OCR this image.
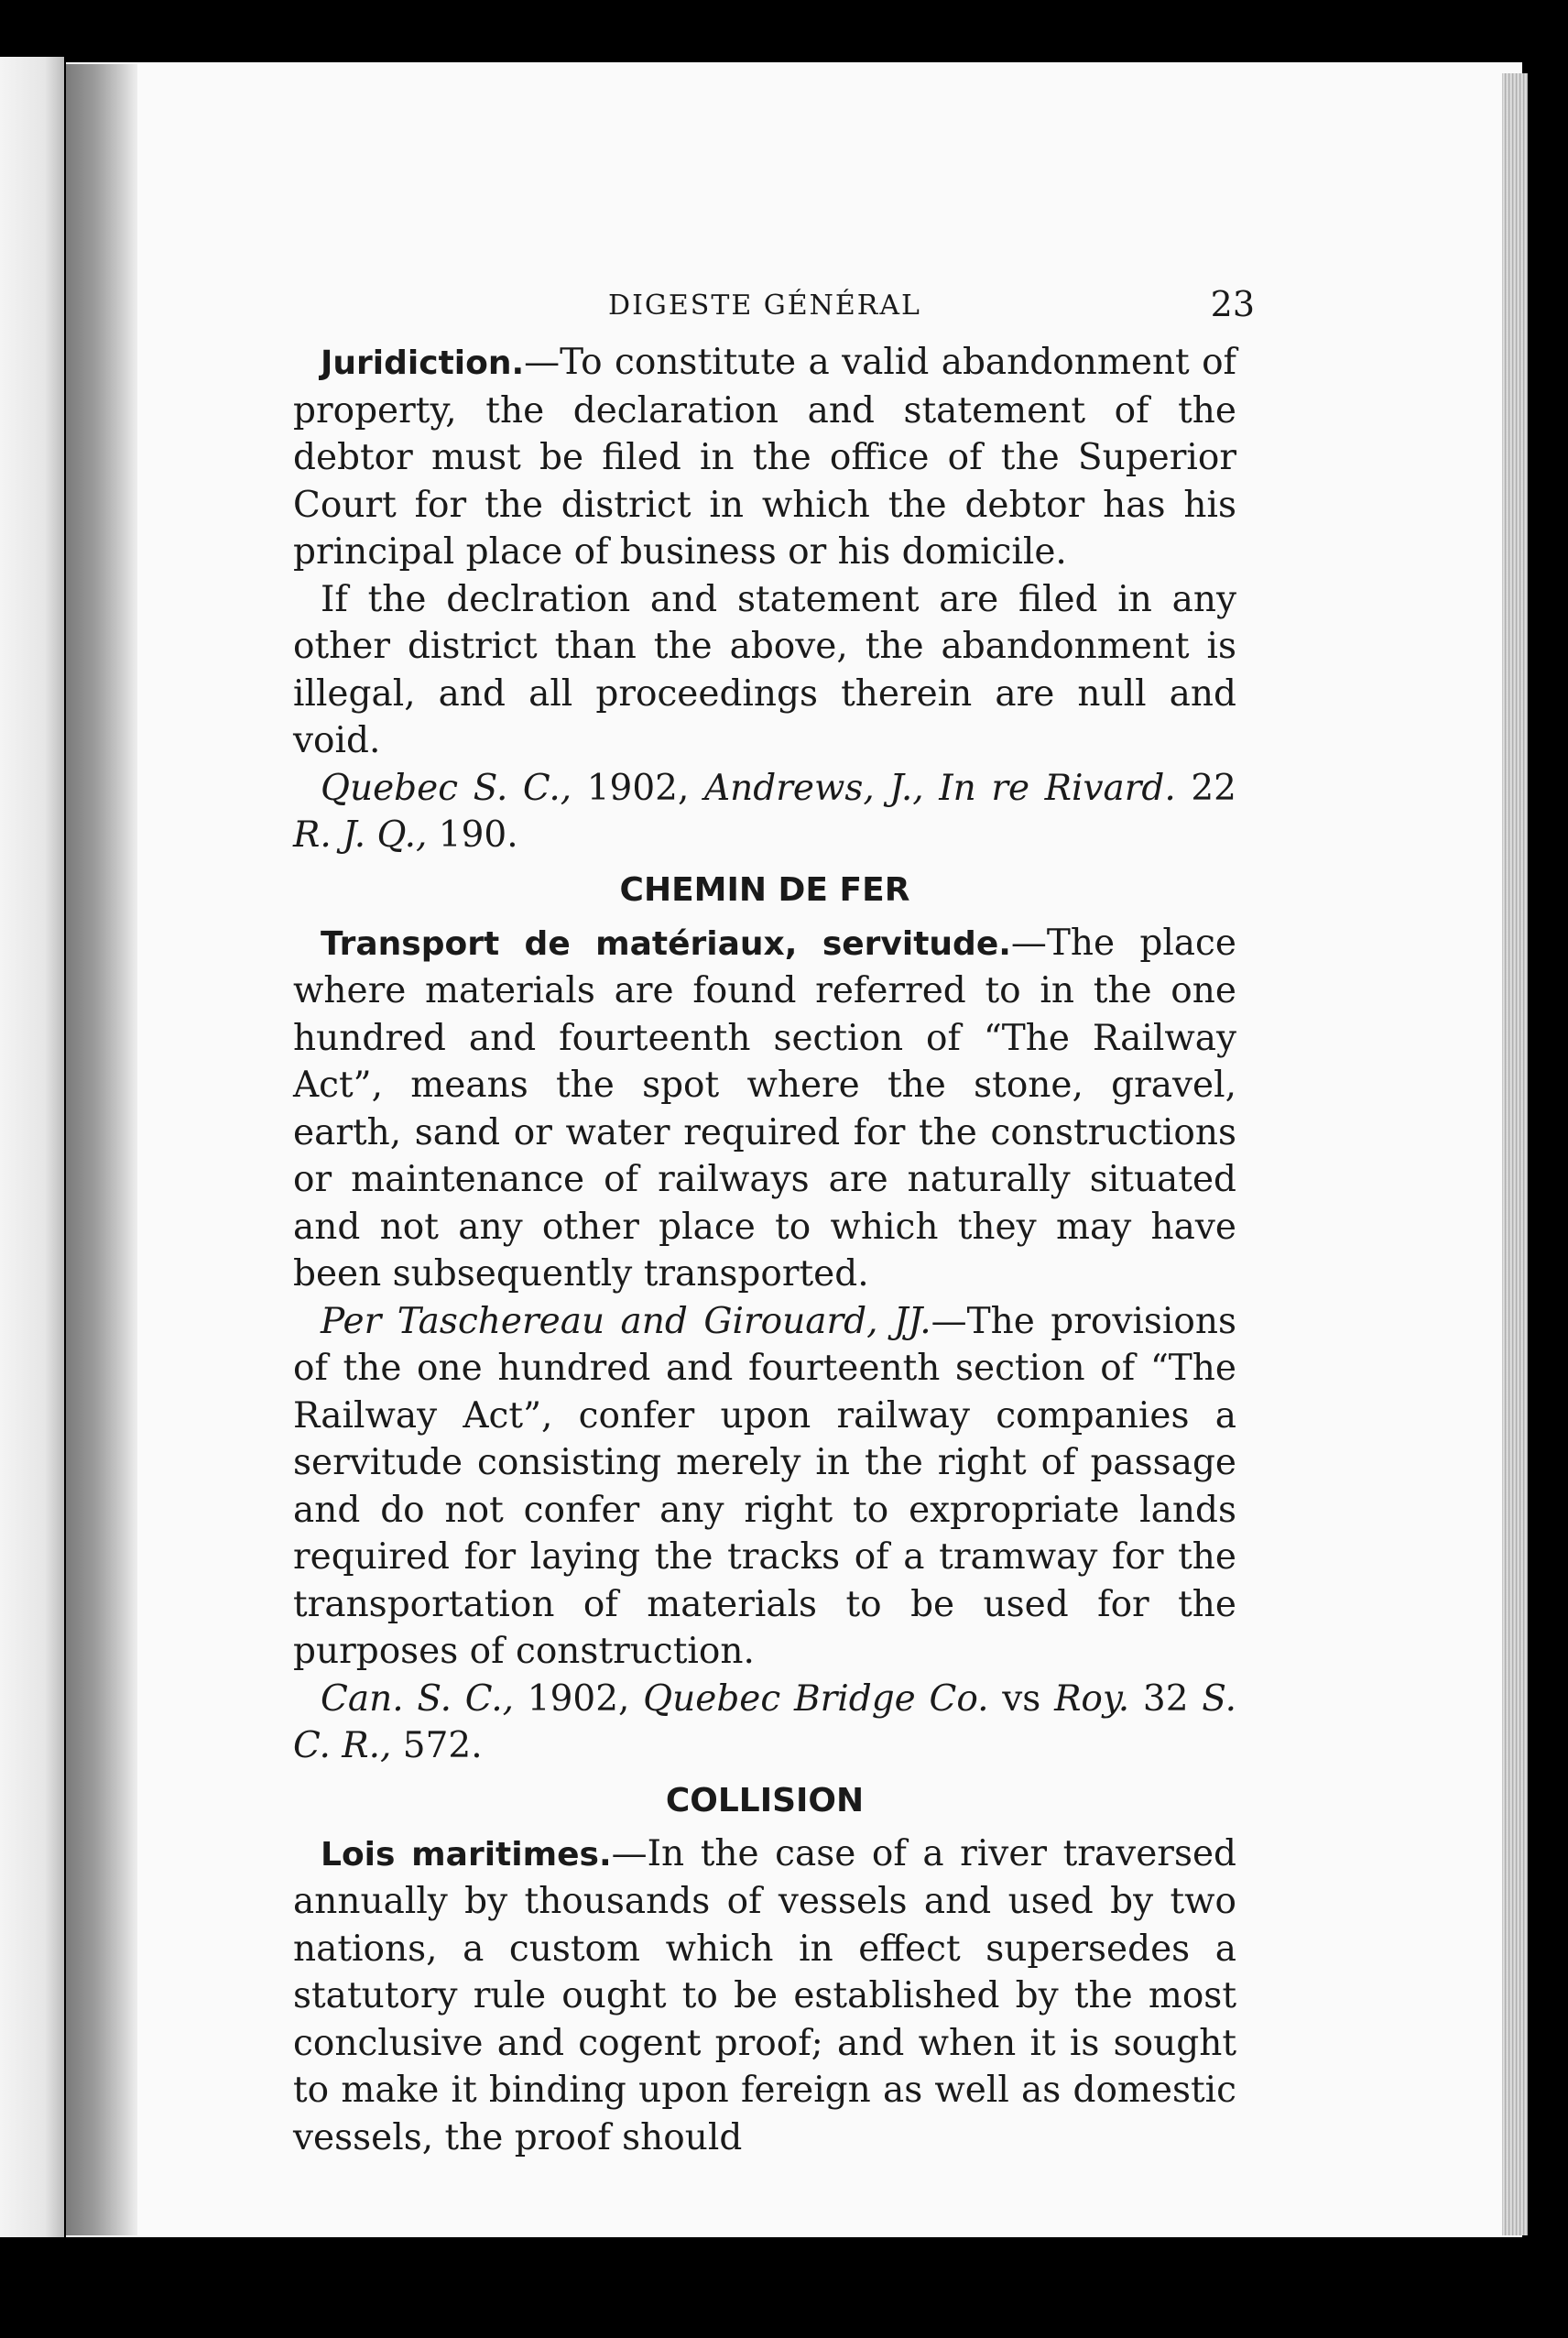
DIGESTE GÉNÉRAL	23

Juridiction.—To constitute a valid abandonment of property, the declaration and statement of the debtor must be filed in the office of the Superior Court for the district in which the debtor has his principal place of business or his domicile.

If the declration and statement are filed in any other district than the above, the abandonment is illegal, and all proceedings therein are null and void.

Quebec S. C., 1902, Andrews, J., In re Rivard. 22 R. J. Q., 190.

CHEMIN DE FER

Transport de matériaux, servitude.—The place where materials are found referred to in the one hundred and fourteenth section of “The Railway Act”, means the spot where the stone, gravel, earth, sand or water required for the constructions or maintenance of railways are naturally situated and not any other place to which they may have been subsequently transported.

Per Taschereau and Girouard, JJ.—The provisions of the one hundred and fourteenth section of “The Railway Act”, confer upon railway companies a servitude consisting merely in the right of passage and do not confer any right to expropriate lands required for laying the tracks of a tramway for the transportation of materials to be used for the purposes of construction.

Can. S. C., 1902, Quebec Bridge Co. vs Roy. 32 S. C. R., 572.

COLLISION

Lois maritimes.—In the case of a river traversed annually by thousands of vessels and used by two nations, a custom which in effect supersedes a statutory rule ought to be established by the most conclusive and cogent proof; and when it is sought to make it binding upon fereign as well as domestic vessels, the proof should
